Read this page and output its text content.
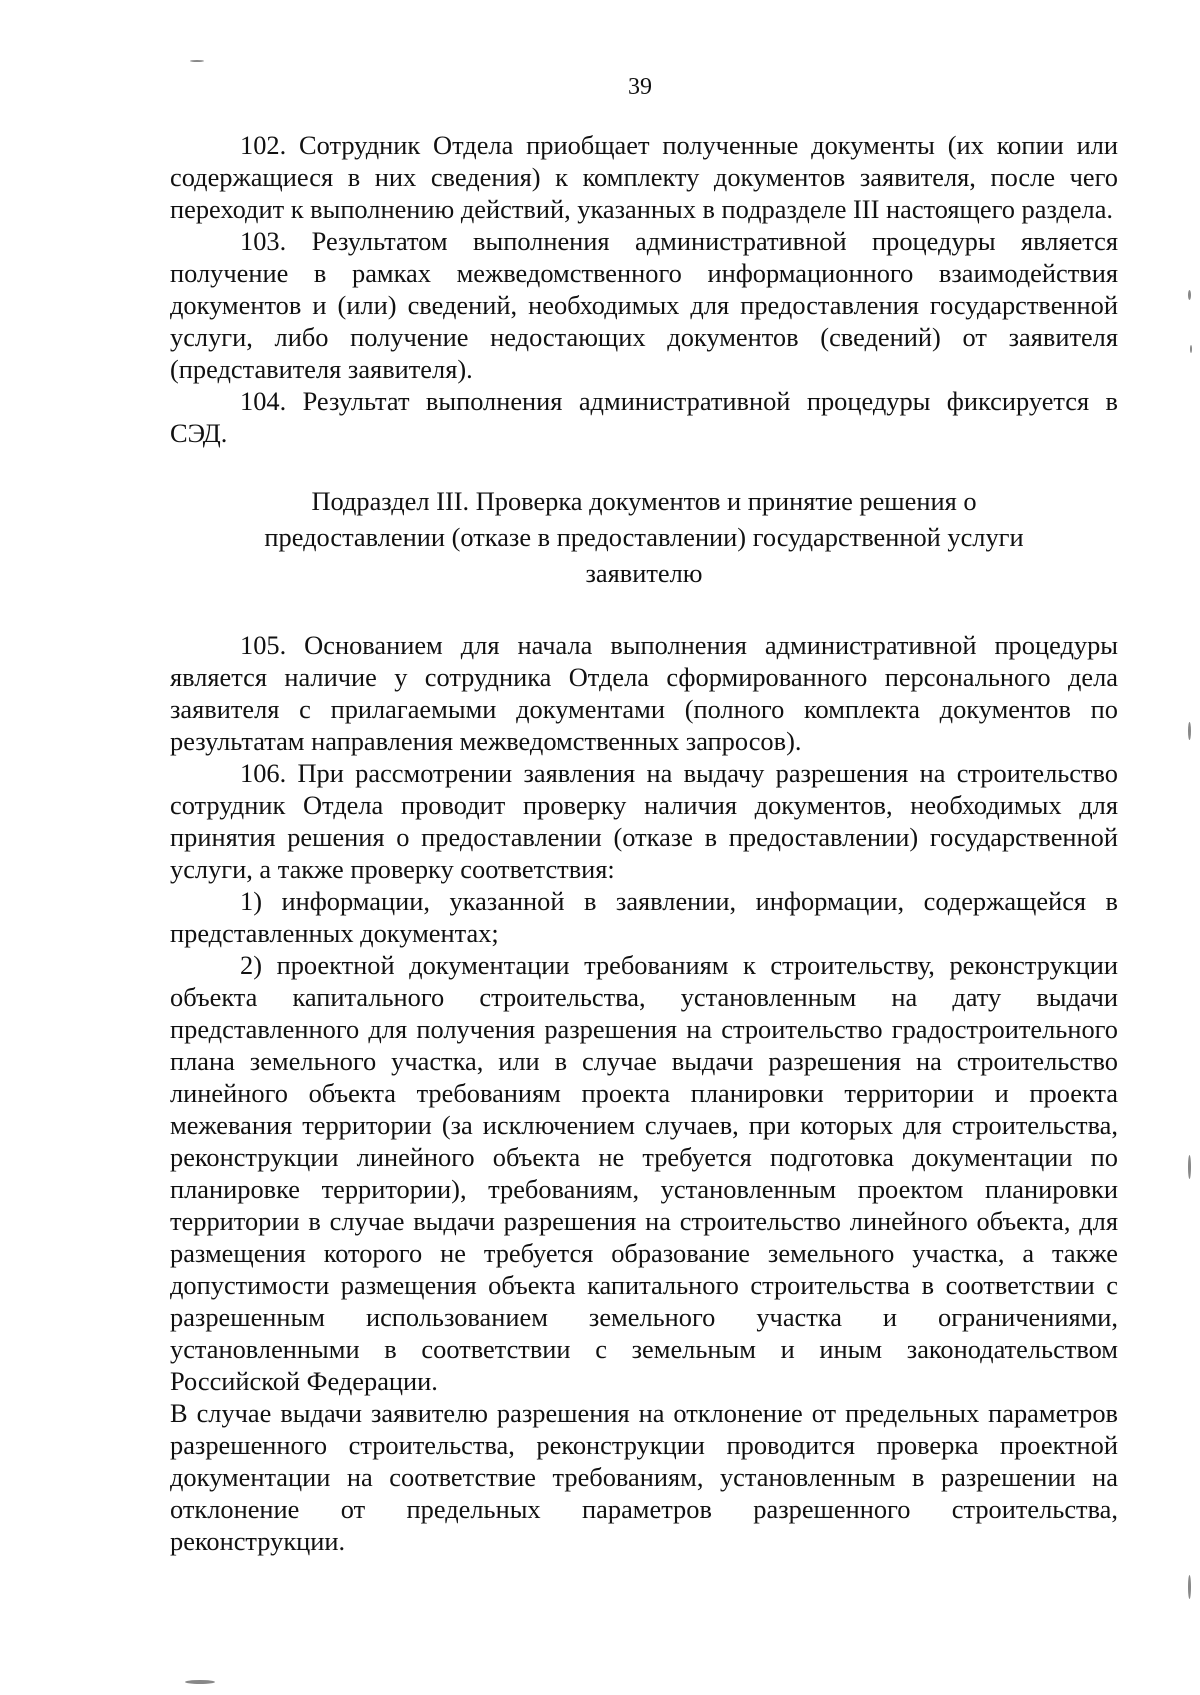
39

102. Сотрудник Отдела приобщает полученные документы (их копии или содержащиеся в них сведения) к комплекту документов заявителя, после чего переходит к выполнению действий, указанных в подразделе III настоящего раздела.

103. Результатом выполнения административной процедуры является получение в рамках межведомственного информационного взаимодействия документов и (или) сведений, необходимых для предоставления государственной услуги, либо получение недостающих документов (сведений) от заявителя (представителя заявителя).

104. Результат выполнения административной процедуры фиксируется в СЭД.

Подраздел III. Проверка документов и принятие решения о
предоставлении (отказе в предоставлении) государственной услуги
заявителю

105. Основанием для начала выполнения административной процедуры является наличие у сотрудника Отдела сформированного персонального дела заявителя с прилагаемыми документами (полного комплекта документов по результатам направления межведомственных запросов).

106. При рассмотрении заявления на выдачу разрешения на строительство сотрудник Отдела проводит проверку наличия документов, необходимых для принятия решения о предоставлении (отказе в предоставлении) государственной услуги, а также проверку соответствия:

1) информации, указанной в заявлении, информации, содержащейся в представленных документах;

2) проектной документации требованиям к строительству, реконструкции объекта капитального строительства, установленным на дату выдачи представленного для получения разрешения на строительство градостроительного плана земельного участка, или в случае выдачи разрешения на строительство линейного объекта требованиям проекта планировки территории и проекта межевания территории (за исключением случаев, при которых для строительства, реконструкции линейного объекта не требуется подготовка документации по планировке территории), требованиям, установленным проектом планировки территории в случае выдачи разрешения на строительство линейного объекта, для размещения которого не требуется образование земельного участка, а также допустимости размещения объекта капитального строительства в соответствии с разрешенным использованием земельного участка и ограничениями, установленными в соответствии с земельным и иным законодательством Российской Федерации.

В случае выдачи заявителю разрешения на отклонение от предельных параметров разрешенного строительства, реконструкции проводится проверка проектной документации на соответствие требованиям, установленным в разрешении на отклонение от предельных параметров разрешенного строительства, реконструкции.
